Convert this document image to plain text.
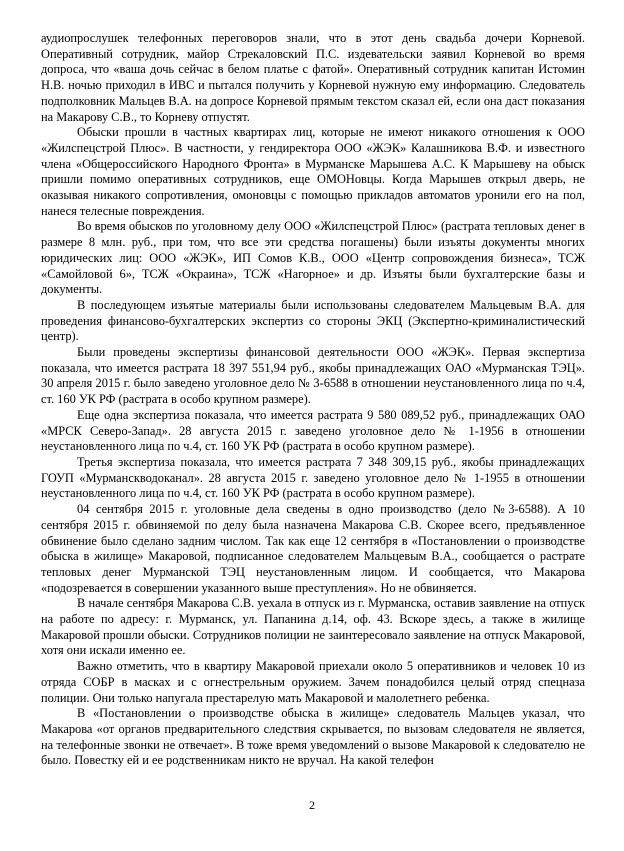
аудиопрослушек телефонных переговоров знали, что в этот день свадьба дочери Корневой. Оперативный сотрудник, майор Стрекаловский П.С. издевательски заявил Корневой во время допроса, что «ваша дочь сейчас в белом платье с фатой». Оперативный сотрудник капитан Истомин Н.В. ночью приходил в ИВС и пытался получить у Корневой нужную ему информацию. Следователь подполковник Мальцев В.А. на допросе Корневой прямым текстом сказал ей, если она даст показания на Макарову С.В., то Корневу отпустят.

Обыски прошли в частных квартирах лиц, которые не имеют никакого отношения к ООО «Жилспецстрой Плюс». В частности, у гендиректора ООО «ЖЭК» Калашникова В.Ф. и известного члена «Общероссийского Народного Фронта» в Мурманске Марышева А.С. К Марышеву на обыск пришли помимо оперативных сотрудников, еще ОМОНовцы. Когда Марышев открыл дверь, не оказывая никакого сопротивления, омоновцы с помощью прикладов автоматов уронили его на пол, нанеся телесные повреждения.

Во время обысков по уголовному делу ООО «Жилспецстрой Плюс» (растрата тепловых денег в размере 8 млн. руб., при том, что все эти средства погашены) были изъяты документы многих юридических лиц: ООО «ЖЭК», ИП Сомов К.В., ООО «Центр сопровождения бизнеса», ТСЖ «Самойловой 6», ТСЖ «Окраина», ТСЖ «Нагорное» и др. Изъяты были бухгалтерские базы и документы.

В последующем изъятые материалы были использованы следователем Мальцевым В.А. для проведения финансово-бухгалтерских экспертиз со стороны ЭКЦ (Экспертно-криминалистический центр).

Были проведены экспертизы финансовой деятельности ООО «ЖЭК». Первая экспертиза показала, что имеется растрата 18 397 551,94 руб., якобы принадлежащих ОАО «Мурманская ТЭЦ». 30 апреля 2015 г. было заведено уголовное дело № 3-6588 в отношении неустановленного лица по ч.4, ст. 160 УК РФ (растрата в особо крупном размере).

Еще одна экспертиза показала, что имеется растрата 9 580 089,52 руб., принадлежащих ОАО «МРСК Северо-Запад». 28 августа 2015 г. заведено уголовное дело № 1-1956 в отношении неустановленного лица по ч.4, ст. 160 УК РФ (растрата в особо крупном размере).

Третья экспертиза показала, что имеется растрата 7 348 309,15 руб., якобы принадлежащих ГОУП «Мурманскводоканал». 28 августа 2015 г. заведено уголовное дело № 1-1955 в отношении неустановленного лица по ч.4, ст. 160 УК РФ (растрата в особо крупном размере).

04 сентября 2015 г. уголовные дела сведены в одно производство (дело №3-6588). А 10 сентября 2015 г. обвиняемой по делу была назначена Макарова С.В. Скорее всего, предъявленное обвинение было сделано задним числом. Так как еще 12 сентября в «Постановлении о производстве обыска в жилище» Макаровой, подписанное следователем Мальцевым В.А., сообщается о растрате тепловых денег Мурманской ТЭЦ неустановленным лицом. И сообщается, что Макарова «подозревается в совершении указанного выше преступления». Но не обвиняется.

В начале сентября Макарова С.В. уехала в отпуск из г. Мурманска, оставив заявление на отпуск на работе по адресу: г. Мурманск, ул. Папанина д.14, оф. 43. Вскоре здесь, а также в жилище Макаровой прошли обыски. Сотрудников полиции не заинтересовало заявление на отпуск Макаровой, хотя они искали именно ее.

Важно отметить, что в квартиру Макаровой приехали около 5 оперативников и человек 10 из отряда СОБР в масках и с огнестрельным оружием. Зачем понадобился целый отряд спецназа полиции. Они только напугала престарелую мать Макаровой и малолетнего ребенка.

В «Постановлении о производстве обыска в жилище» следователь Мальцев указал, что Макарова «от органов предварительного следствия скрывается, по вызовам следователя не является, на телефонные звонки не отвечает». В тоже время уведомлений о вызове Макаровой к следователю не было. Повестку ей и ее родственникам никто не вручал. На какой телефон

2
